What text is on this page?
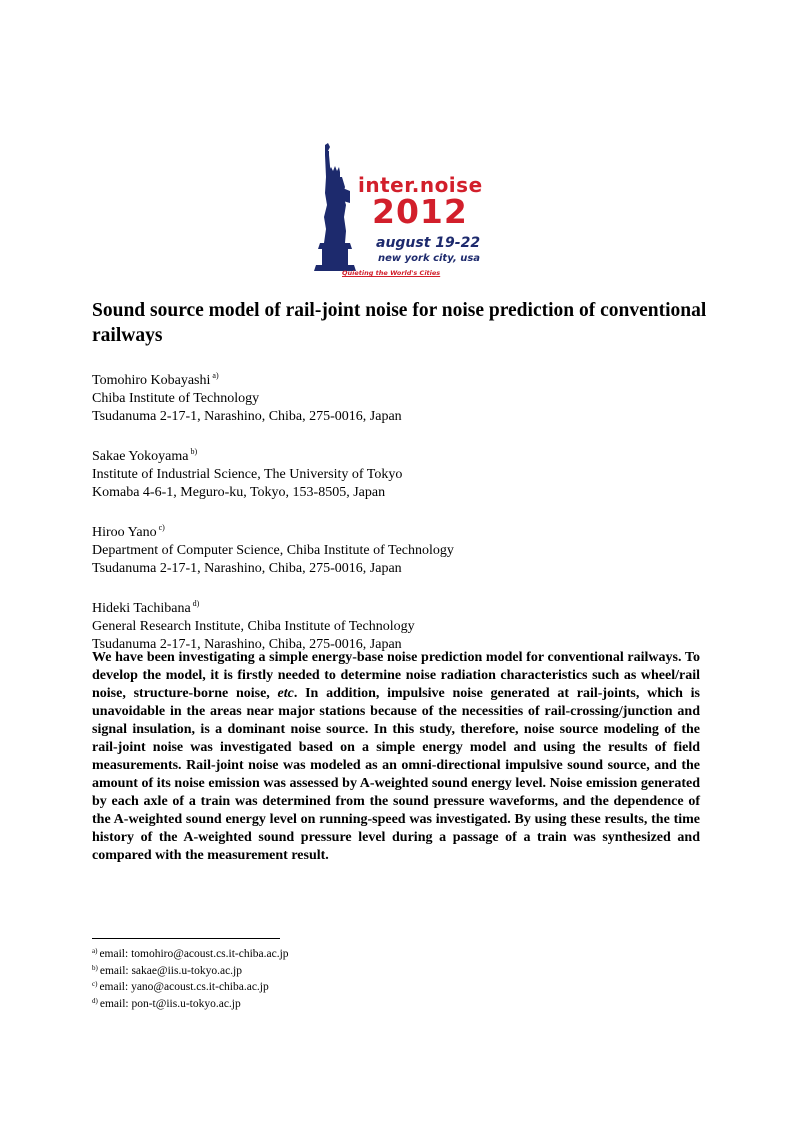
inter.noise
2012
august 19-22
new york city, usa
Quieting the World's Cities
Sound source model of rail-joint noise for noise prediction of conventional railways
Tomohiro Kobayashi $^{a)}$
Chiba Institute of Technology
Tsudanuma 2-17-1, Narashino, Chiba, 275-0016, Japan
Sakae Yokoyama $^{b)}$
Institute of Industrial Science, The University of Tokyo
Komaba 4-6-1, Meguro-ku, Tokyo, 153-8505, Japan
Hiroo Yano $^{c)}$
Department of Computer Science, Chiba Institute of Technology
Tsudanuma 2-17-1, Narashino, Chiba, 275-0016, Japan
Hideki Tachibana $^{d)}$
General Research Institute, Chiba Institute of Technology
Tsudanuma 2-17-1, Narashino, Chiba, 275-0016, Japan

We have been investigating a simple energy-base noise prediction model for conventional railways. To develop the model, it is firstly needed to determine noise radiation characteristics such as wheel/rail noise, structure-borne noise, etc. In addition, impulsive noise generated at rail-joints, which is unavoidable in the areas near major stations because of the necessities of rail-crossing/junction and signal insulation, is a dominant noise source. In this study, therefore, noise source modeling of the rail-joint noise was investigated based on a simple energy model and using the results of field measurements. Rail-joint noise was modeled as an omni-directional impulsive sound source, and the amount of its noise emission was assessed by A-weighted sound energy level. Noise emission generated by each axle of a train was determined from the sound pressure waveforms, and the dependence of the A-weighted sound energy level on running-speed was investigated. By using these results, the time history of the A-weighted sound pressure level during a passage of a train was synthesized and compared with the measurement result.

$^{a)}$ email: tomohiro@acoust.cs.it-chiba.ac.jp
$^{b)}$ email: sakae@iis.u-tokyo.ac.jp
$^{c)}$ email: yano@acoust.cs.it-chiba.ac.jp
$^{d)}$ email: pon-t@iis.u-tokyo.ac.jp
